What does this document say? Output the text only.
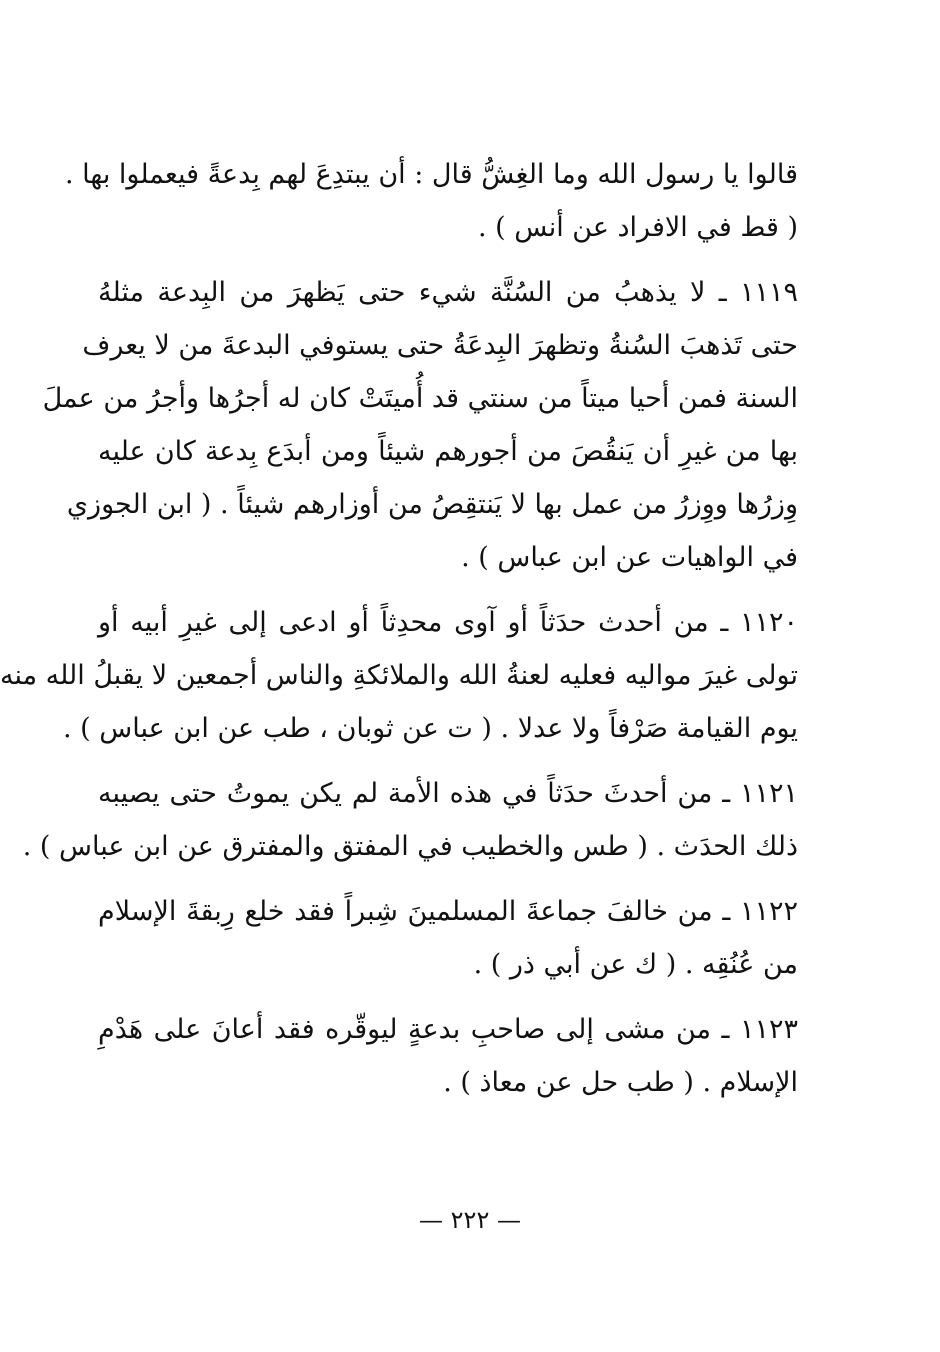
قالوا يا رسول الله وما الغِشُّ قال : أن يبتدِعَ لهم بِدعةً فيعملوا بها .
( قط في الافراد عن أنس ) .
١١١٩ ـ لا يذهبُ من السُنَّة شيء حتى يَظهرَ من البِدعة مثلهُ
حتى تَذهبَ السُنةُ وتظهرَ البِدعَةُ حتى يستوفي البدعةَ من لا يعرف
السنة فمن أحيا ميتاً من سنتي قد أُميتَتْ كان له أجرُها وأجرُ من عملَ
بها من غيرِ أن يَنقُصَ من أجورهم شيئاً ومن أبدَع بِدعة كان عليه
وِزرُها ووِزرُ من عمل بها لا يَنتقِصُ من أوزارهم شيئاً . ( ابن الجوزي
في الواهيات عن ابن عباس ) .
١١٢٠ ـ من أحدث حدَثاً أو آوى محدِثاً أو ادعى إلى غيرِ أبيه أو
تولى غيرَ مواليه فعليه لعنةُ الله والملائكةِ والناس أجمعين لا يقبلُ الله منه
يوم القيامة صَرْفاً ولا عدلا . ( ت عن ثوبان ، طب عن ابن عباس ) .
١١٢١ ـ من أحدثَ حدَثاً في هذه الأمة لم يكن يموتُ حتى يصيبه
ذلك الحدَث . ( طس والخطيب في المفتق والمفترق عن ابن عباس ) .
١١٢٢ ـ من خالفَ جماعةَ المسلمينَ شِبراً فقد خلع رِبقةَ الإسلام
من عُنُقِه . ( ك عن أبي ذر ) .
١١٢٣ ـ من مشى إلى صاحبِ بدعةٍ ليوقّره فقد أعانَ على هَدْمِ
الإسلام . ( طب حل عن معاذ ) .
— ٢٢٢ —
